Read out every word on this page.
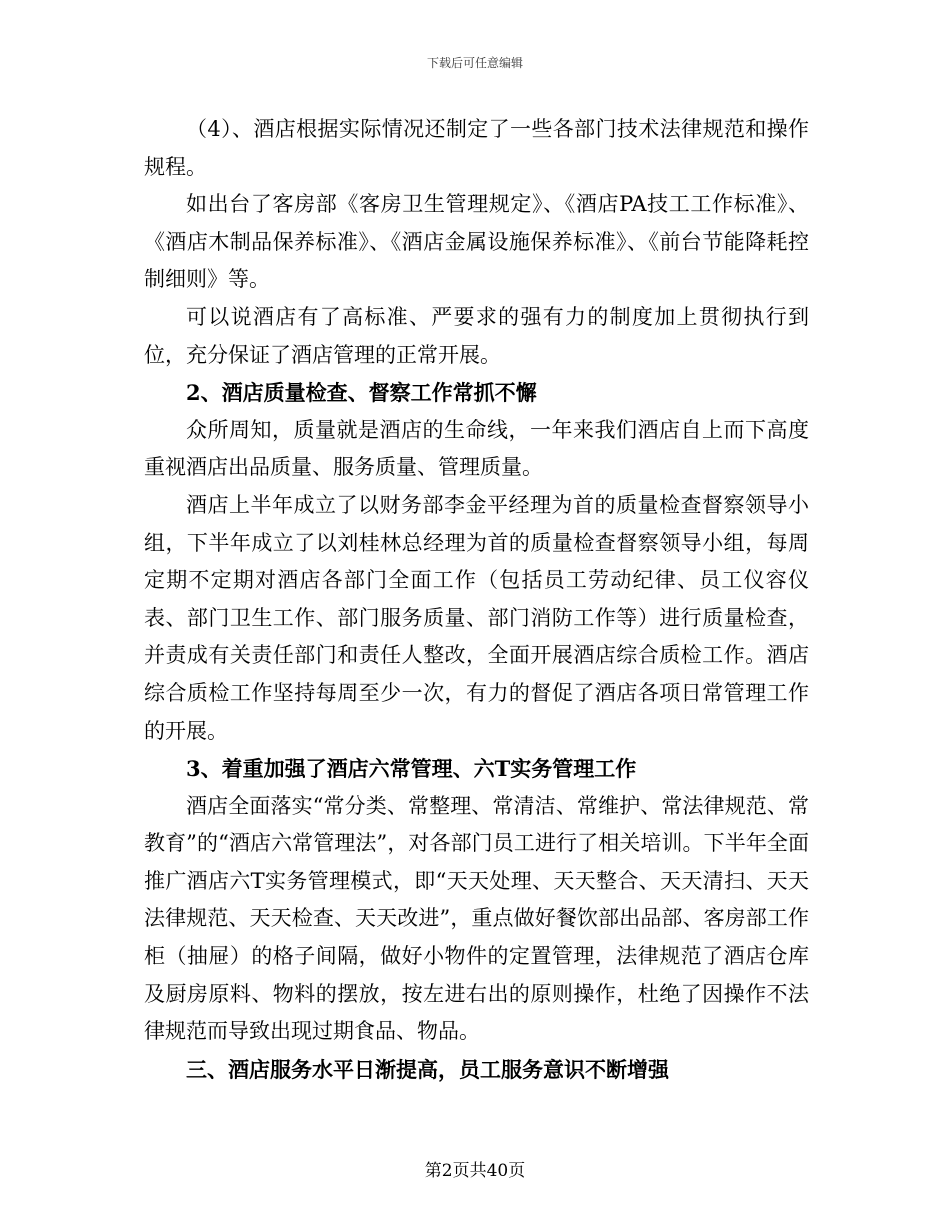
下载后可任意编辑

（4）、酒店根据实际情况还制定了一些各部门技术法律规范和操作规程。

如出台了客房部《客房卫生管理规定》、《酒店PA技工工作标准》、《酒店木制品保养标准》、《酒店金属设施保养标准》、《前台节能降耗控制细则》等。

可以说酒店有了高标准、严要求的强有力的制度加上贯彻执行到位，充分保证了酒店管理的正常开展。

2、酒店质量检查、督察工作常抓不懈

众所周知，质量就是酒店的生命线，一年来我们酒店自上而下高度重视酒店出品质量、服务质量、管理质量。

酒店上半年成立了以财务部李金平经理为首的质量检查督察领导小组，下半年成立了以刘桂林总经理为首的质量检查督察领导小组，每周定期不定期对酒店各部门全面工作（包括员工劳动纪律、员工仪容仪表、部门卫生工作、部门服务质量、部门消防工作等）进行质量检查，并责成有关责任部门和责任人整改，全面开展酒店综合质检工作。酒店综合质检工作坚持每周至少一次，有力的督促了酒店各项日常管理工作的开展。

3、着重加强了酒店六常管理、六T实务管理工作

酒店全面落实“常分类、常整理、常清洁、常维护、常法律规范、常教育”的“酒店六常管理法”，对各部门员工进行了相关培训。下半年全面推广酒店六T实务管理模式，即“天天处理、天天整合、天天清扫、天天法律规范、天天检查、天天改进”，重点做好餐饮部出品部、客房部工作柜（抽屉）的格子间隔，做好小物件的定置管理，法律规范了酒店仓库及厨房原料、物料的摆放，按左进右出的原则操作，杜绝了因操作不法律规范而导致出现过期食品、物品。

三、酒店服务水平日渐提高，员工服务意识不断增强

第2页共40页
